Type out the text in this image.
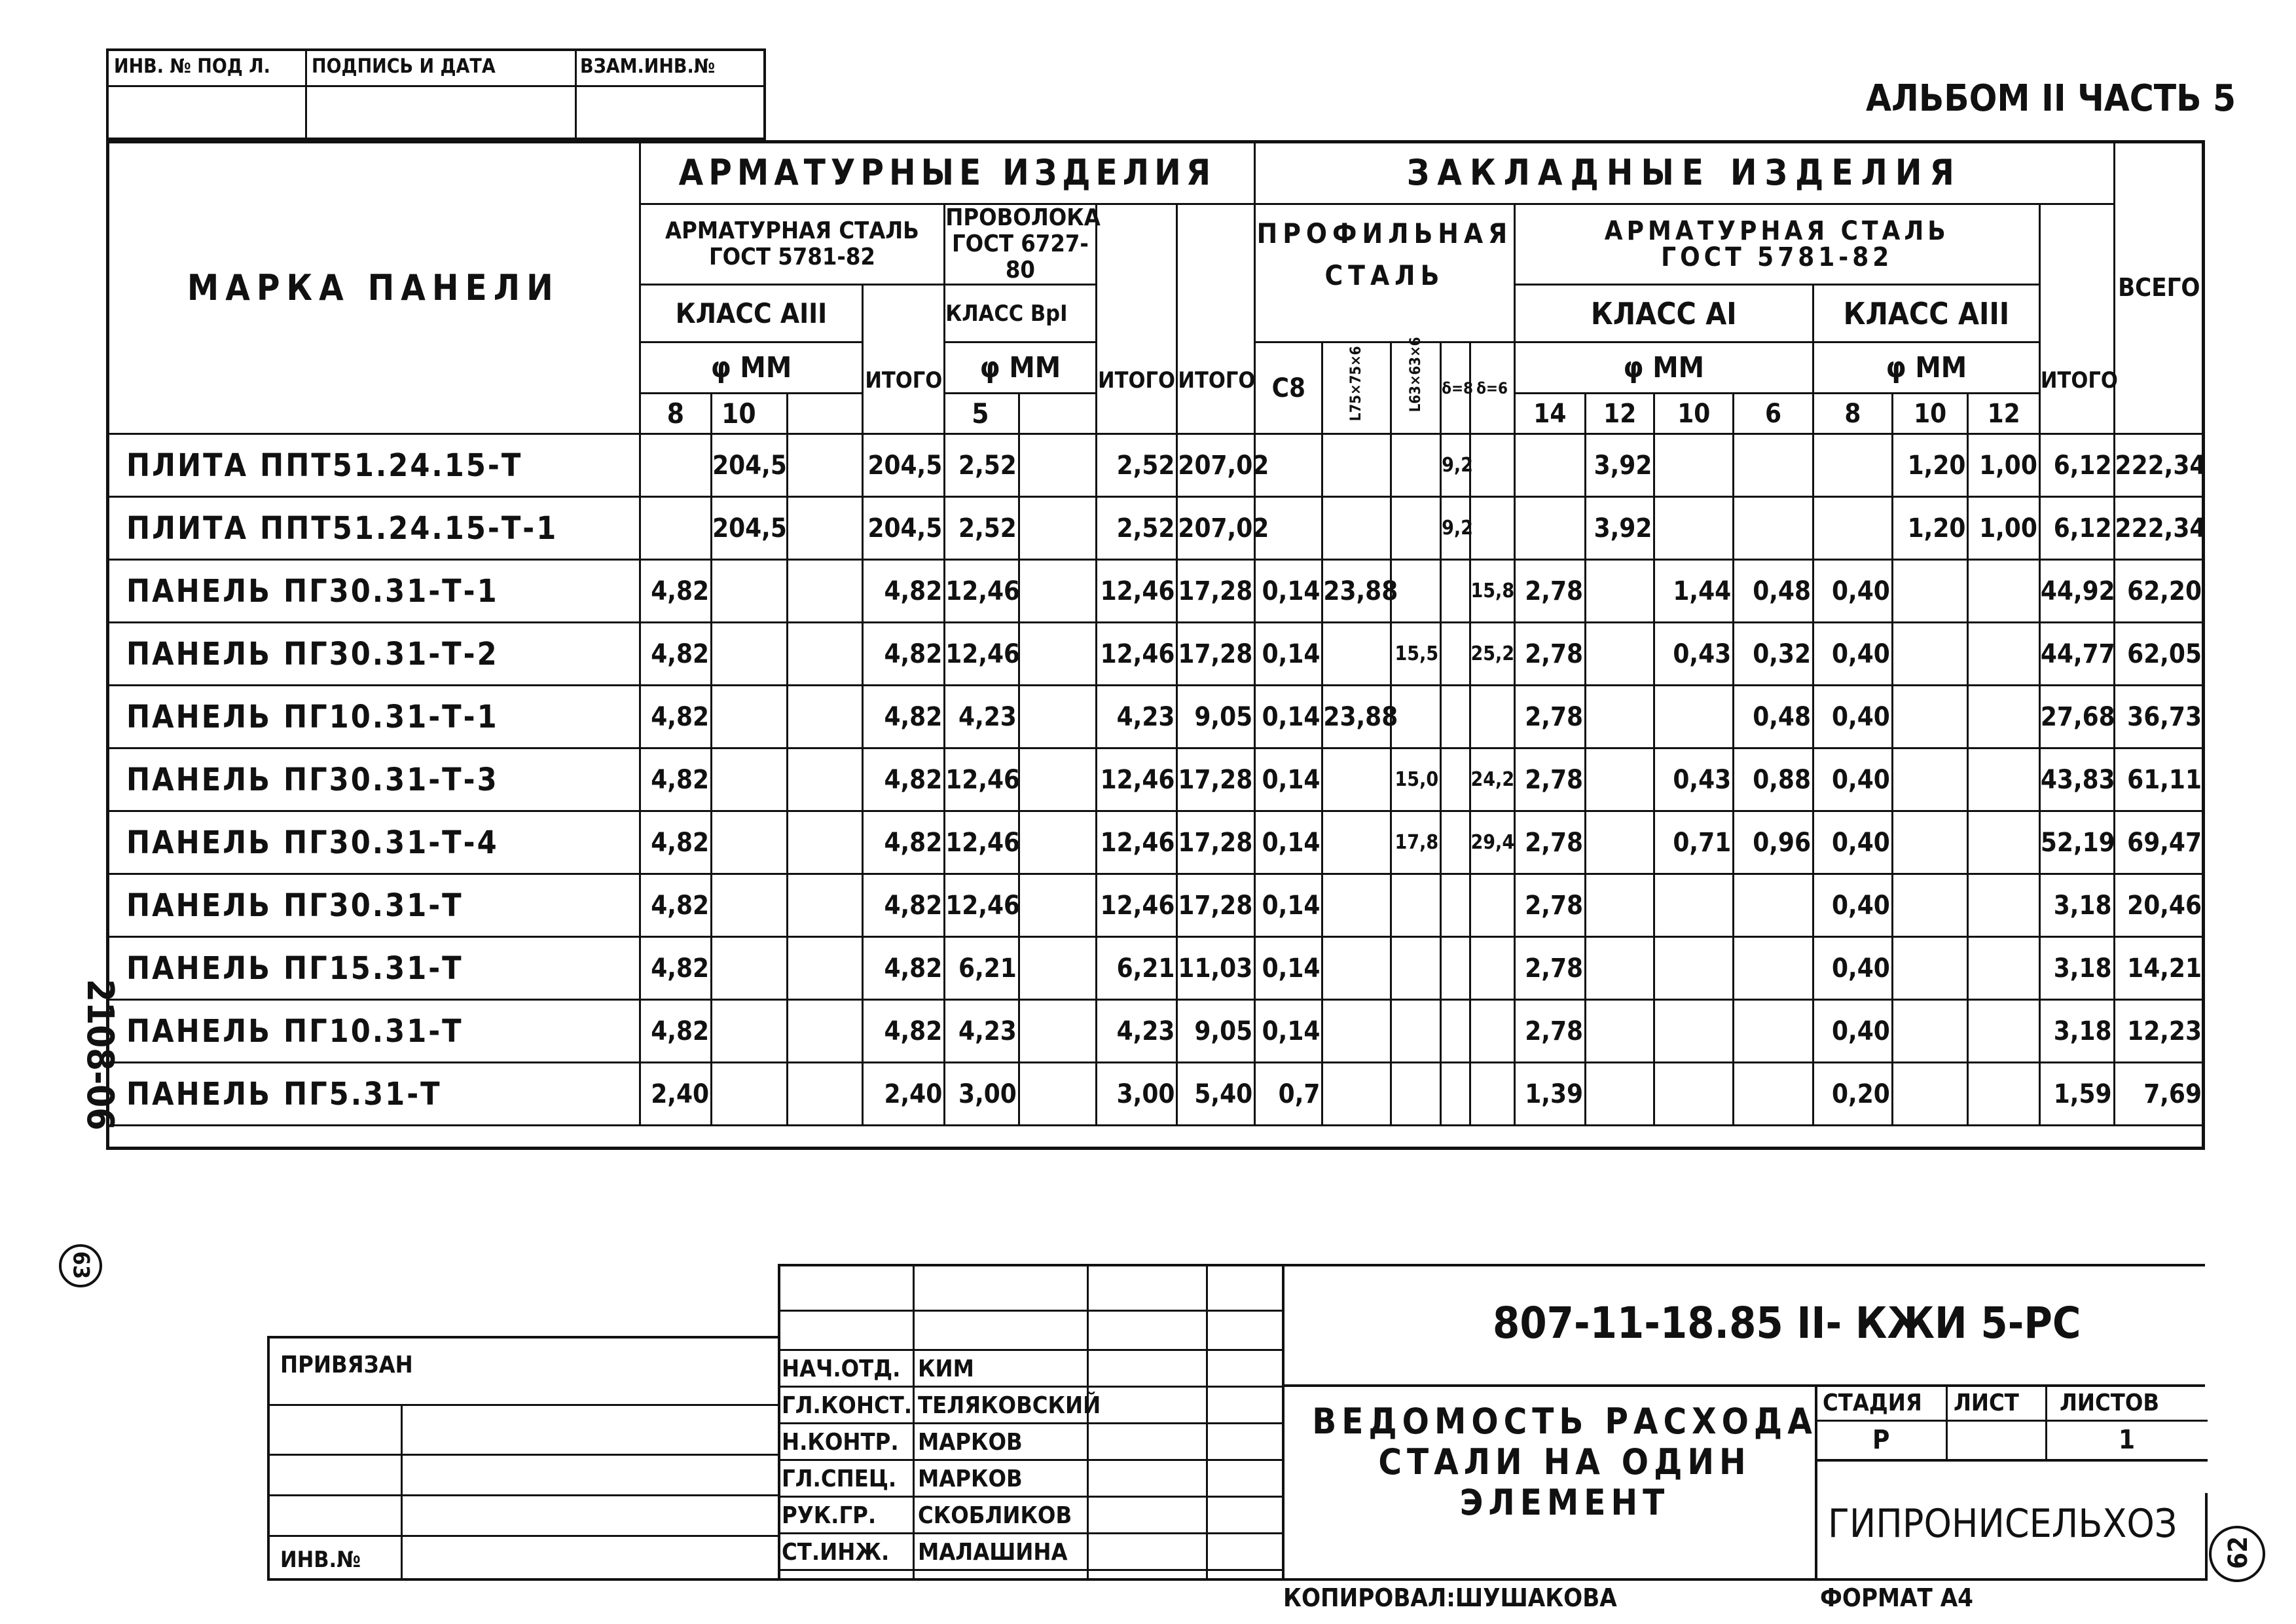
ИНВ. № ПОД Л. ПОДПИСЬ И ДАТА	ВЗАМ.ИНВ.№
АЛЬБОМ II ЧАСТЬ 5
2108-06
63
МАРКА ПАНЕЛИ	АРМАТУРНЫЕ ИЗДЕЛИЯ								ЗАКЛАДНЫЕ ИЗДЕЛИЯ													ВСЕГО
	АРМАТУРНАЯ СТАЛЬ
ГОСТ 5781-82				ПРОВОЛОКА
ГОСТ 6727-80		ИТОГО	ИТОГО	ПРОФИЛЬНАЯ
СТАЛЬ					АРМАТУРНАЯ СТАЛЬ
ГОСТ 5781-82							ИТОГО	
	КЛАСС АIII			ИТОГО	КЛАСС ВрI									КЛАСС АI				КЛАСС АIII				
	φ ММ				φ ММ				С8	L75×75×6	L63×63×6	δ=8	δ=6	φ ММ				φ ММ				
	8	10			5									14	12	10	6	8	10	12		
ПЛИТА ППТ51.24.15-Т		204,5		204,5	2,52		2,52	207,02				9,2			3,92				1,20	1,00	6,12	222,34
ПЛИТА ППТ51.24.15-Т-1		204,5		204,5	2,52		2,52	207,02				9,2			3,92				1,20	1,00	6,12	222,34
ПАНЕЛЬ ПГ30.31-Т-1	4,82			4,82	12,46		12,46	17,28	0,14	23,88			15,8	2,78		1,44	0,48	0,40			44,92	62,20
ПАНЕЛЬ ПГ30.31-Т-2	4,82			4,82	12,46		12,46	17,28	0,14		15,5		25,2	2,78		0,43	0,32	0,40			44,77	62,05
ПАНЕЛЬ ПГ10.31-Т-1	4,82			4,82	4,23		4,23	9,05	0,14	23,88				2,78			0,48	0,40			27,68	36,73
ПАНЕЛЬ ПГ30.31-Т-3	4,82			4,82	12,46		12,46	17,28	0,14		15,0		24,2	2,78		0,43	0,88	0,40			43,83	61,11
ПАНЕЛЬ ПГ30.31-Т-4	4,82			4,82	12,46		12,46	17,28	0,14		17,8		29,4	2,78		0,71	0,96	0,40			52,19	69,47
ПАНЕЛЬ ПГ30.31-Т	4,82			4,82	12,46		12,46	17,28	0,14					2,78				0,40			3,18	20,46
ПАНЕЛЬ ПГ15.31-Т	4,82			4,82	6,21		6,21	11,03	0,14					2,78				0,40			3,18	14,21
ПАНЕЛЬ ПГ10.31-Т	4,82			4,82	4,23		4,23	9,05	0,14					2,78				0,40			3,18	12,23
ПАНЕЛЬ ПГ5.31-Т	2,40			2,40	3,00		3,00	5,40	0,7					1,39				0,20			1,59	7,69
НАЧ.ОТД. КИМ
ГЛ.КОНСТ. ТЕЛЯКОВСКИЙ
Н.КОНТР. МАРКОВ
ГЛ.СПЕЦ. МАРКОВ
РУК.ГР. СКОБЛИКОВ
СТ.ИНЖ. МАЛАШИНА
ПРИВЯЗАН
ИНВ.№
807-11-18.85 II- КЖИ 5-РС
ВЕДОМОСТЬ РАСХОДА
СТАЛИ НА ОДИН
ЭЛЕМЕНТ
СТАДИЯ ЛИСТ ЛИСТОВ
Р	1
ГИПРОНИСЕЛЬХОЗ
62
КОПИРОВАЛ:ШУШАКОВА	ФОРМАТ А4
